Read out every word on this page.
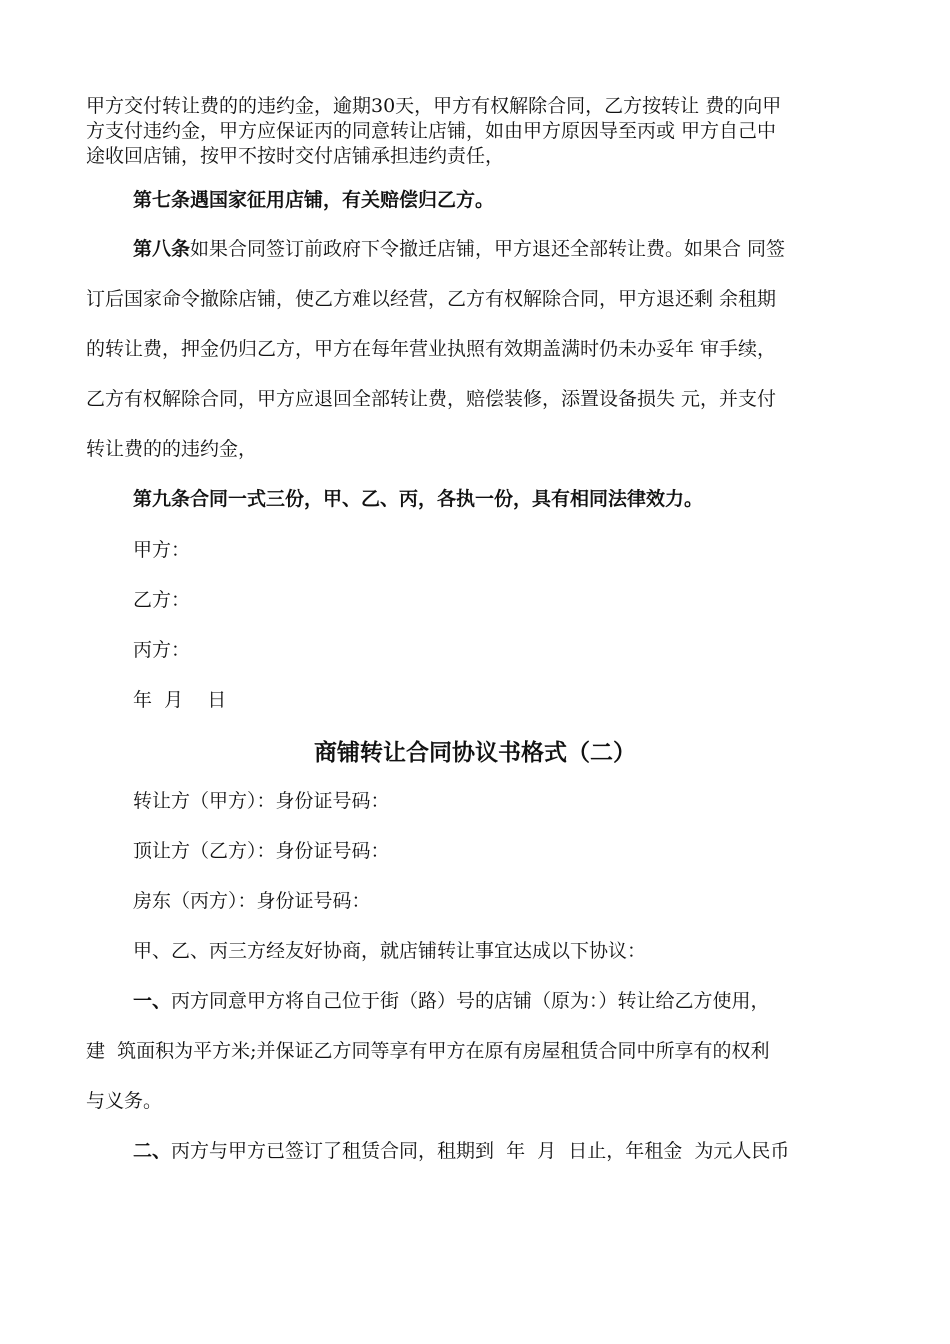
甲方交付转让费的的违约金，逾期30天，甲方有权解除合同，乙方按转让 费的向甲
方支付违约金，甲方应保证丙的同意转让店铺，如由甲方原因导至丙或 甲方自己中
途收回店铺，按甲不按时交付店铺承担违约责任，
第七条遇国家征用店铺，有关赔偿归乙方。
第八条如果合同签订前政府下令撤迁店铺，甲方退还全部转让费。如果合 同签
订后国家命令撤除店铺，使乙方难以经营，乙方有权解除合同，甲方退还剩 余租期
的转让费，押金仍归乙方，甲方在每年营业执照有效期盖满时仍未办妥年 审手续，
乙方有权解除合同，甲方应退回全部转让费，赔偿装修，添置设备损失 元，并支付
转让费的的违约金，
第九条合同一式三份，甲、乙、丙，各执一份，具有相同法律效力。
甲方：
乙方：
丙方：
年  月    日
商铺转让合同协议书格式（二）
转让方（甲方）：身份证号码：
顶让方（乙方）：身份证号码：
房东（丙方）：身份证号码：
甲、乙、丙三方经友好协商，就店铺转让事宜达成以下协议：
一、丙方同意甲方将自己位于街（路）号的店铺（原为：）转让给乙方使用，
建  筑面积为平方米;并保证乙方同等享有甲方在原有房屋租赁合同中所享有的权利
与义务。
二、丙方与甲方已签订了租赁合同，租期到  年  月  日止，年租金  为元人民币
